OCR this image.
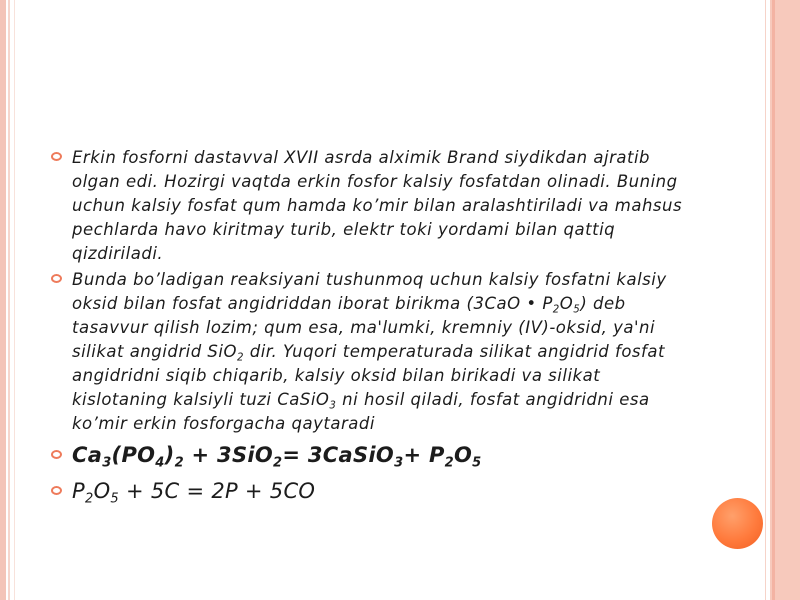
Erkin fosforni dastavval XVII asrda alximik Brand siydikdan ajratib olgan edi. Hozirgi vaqtda erkin fosfor kalsiy fosfatdan olinadi. Buning uchun kalsiy fosfat qum hamda ko’mir bilan aralashtiriladi va mahsus pechlarda havo kiritmay turib, elektr toki yordami bilan qattiq qizdiriladi.
Bunda bo’ladigan reaksiyani tushunmoq uchun kalsiy fosfatni kalsiy oksid bilan fosfat angidriddan iborat birikma (3CaO • $P_2O_5$) deb tasavvur qilish lozim; qum esa, ma'lumki, kremniy (IV)-oksid, ya'ni silikat angidrid SiO$_2$ dir. Yuqori temperaturada silikat angidrid fosfat angidridni siqib chiqarib, kalsiy oksid bilan birikadi va silikat kislotaning kalsiyli tuzi CaSiO$_3$ ni hosil qiladi, fosfat angidridni esa ko’mir erkin fosforgacha qaytaradi
$Ca_3(PO_4)_2 + 3SiO_2=$ 3CaSiO$_3$+ $P_2O_5$
$P_2O_5 + 5C = 2P + 5CO$
